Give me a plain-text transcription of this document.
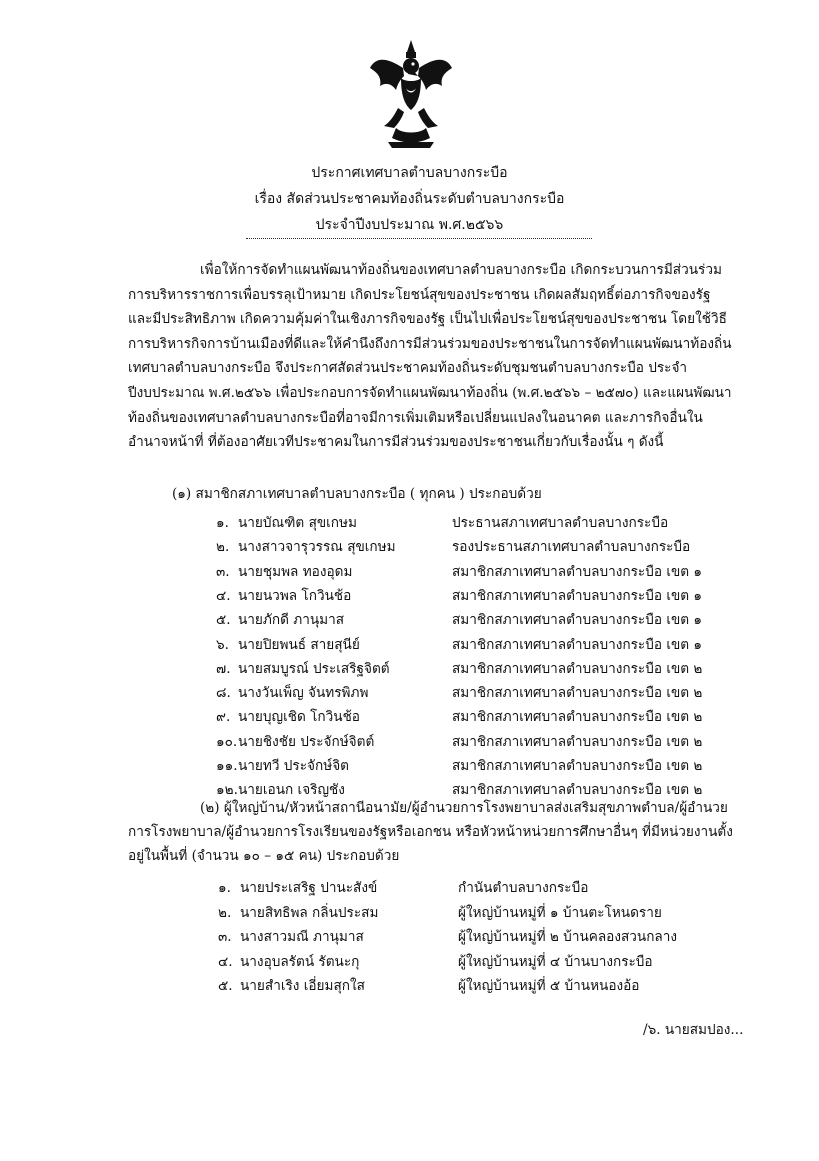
ประกาศเทศบาลตำบลบางกระบือ
เรื่อง สัดส่วนประชาคมท้องถิ่นระดับตำบลบางกระบือ
ประจำปีงบประมาณ พ.ศ.๒๕๖๖
เพื่อให้การจัดทำแผนพัฒนาท้องถิ่นของเทศบาลตำบลบางกระบือ เกิดกระบวนการมีส่วนร่วมการบริหารราชการเพื่อบรรลุเป้าหมาย เกิดประโยชน์สุขของประชาชน เกิดผลสัมฤทธิ์ต่อภารกิจของรัฐและมีประสิทธิภาพ เกิดความคุ้มค่าในเชิงภารกิจของรัฐ เป็นไปเพื่อประโยชน์สุขของประชาชน โดยใช้วิธีการบริหารกิจการบ้านเมืองที่ดีและให้คำนึงถึงการมีส่วนร่วมของประชาชนในการจัดทำแผนพัฒนาท้องถิ่น เทศบาลตำบลบางกระบือ จึงประกาศสัดส่วนประชาคมท้องถิ่นระดับชุมชนตำบลบางกระบือ ประจำปีงบประมาณ พ.ศ.๒๕๖๖ เพื่อประกอบการจัดทำแผนพัฒนาท้องถิ่น (พ.ศ.๒๕๖๖ – ๒๕๗๐) และแผนพัฒนาท้องถิ่นของเทศบาลตำบลบางกระบือที่อาจมีการเพิ่มเติมหรือเปลี่ยนแปลงในอนาคต และภารกิจอื่นในอำนาจหน้าที่ ที่ต้องอาศัยเวทีประชาคมในการมีส่วนร่วมของประชาชนเกี่ยวกับเรื่องนั้น ๆ ดังนี้
(๑) สมาชิกสภาเทศบาลตำบลบางกระบือ ( ทุกคน ) ประกอบด้วย
๑. นายบัณฑิต สุขเกษม	ประธานสภาเทศบาลตำบลบางกระบือ
๒. นางสาวจารุวรรณ สุขเกษม	รองประธานสภาเทศบาลตำบลบางกระบือ
๓. นายชุมพล ทองอุดม	สมาชิกสภาเทศบาลตำบลบางกระบือ เขต ๑
๔. นายนวพล โกวินช้อ	สมาชิกสภาเทศบาลตำบลบางกระบือ เขต ๑
๕. นายภักดี ภานุมาส	สมาชิกสภาเทศบาลตำบลบางกระบือ เขต ๑
๖. นายปิยพนธ์ สายสุนีย์	สมาชิกสภาเทศบาลตำบลบางกระบือ เขต ๑
๗. นายสมบูรณ์ ประเสริฐจิตต์	สมาชิกสภาเทศบาลตำบลบางกระบือ เขต ๒
๘. นางวันเพ็ญ จันทรพิภพ	สมาชิกสภาเทศบาลตำบลบางกระบือ เขต ๒
๙. นายบุญเชิด โกวินช้อ	สมาชิกสภาเทศบาลตำบลบางกระบือ เขต ๒
๑๐. นายชิงชัย ประจักษ์จิตต์	สมาชิกสภาเทศบาลตำบลบางกระบือ เขต ๒
๑๑. นายทวี ประจักษ์จิต	สมาชิกสภาเทศบาลตำบลบางกระบือ เขต ๒
๑๒. นายเอนก เจริญชัง	สมาชิกสภาเทศบาลตำบลบางกระบือ เขต ๒
(๒) ผู้ใหญ่บ้าน/หัวหน้าสถานีอนามัย/ผู้อำนวยการโรงพยาบาลส่งเสริมสุขภาพตำบล/ผู้อำนวยการโรงพยาบาล/ผู้อำนวยการโรงเรียนของรัฐหรือเอกชน หรือหัวหน้าหน่วยการศึกษาอื่นๆ ที่มีหน่วยงานตั้งอยู่ในพื้นที่ (จำนวน ๑๐ – ๑๕ คน) ประกอบด้วย
๑. นายประเสริฐ ปานะสังข์	กำนันตำบลบางกระบือ
๒. นายสิทธิพล กลิ่นประสม	ผู้ใหญ่บ้านหมู่ที่ ๑ บ้านตะโหนดราย
๓. นางสาวมณี ภานุมาส	ผู้ใหญ่บ้านหมู่ที่ ๒ บ้านคลองสวนกลาง
๔. นางอุบลรัตน์ รัตนะกุ	ผู้ใหญ่บ้านหมู่ที่ ๔ บ้านบางกระบือ
๕. นายสำเริง เอี่ยมสุกใส	ผู้ใหญ่บ้านหมู่ที่ ๕ บ้านหนองอ้อ
/๖. นายสมปอง...
